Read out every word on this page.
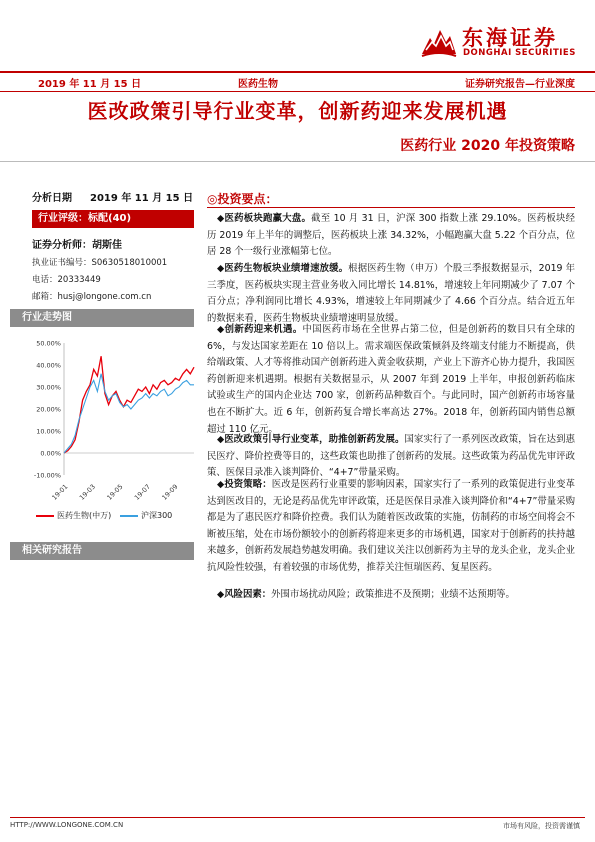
东海证券
DONGHAI SECURITIES
2019 年 11 月 15 日	医药生物	证券研究报告—行业深度
医改政策引导行业变革，创新药迎来发展机遇
医药行业 2020 年投资策略
分析日期 2019 年 11 月 15 日
行业评级：标配(40)
证券分析师：胡斯佳
执业证书编号：S0630518010001
电话：20333449
邮箱：husj@longone.com.cn
行业走势图
50.00%
40.00%
30.00%
20.00%
10.00%
0.00%
-10.00%
19-01 19-03 19-05 19-07 19-09
医药生物(中万)	沪深300
相关研究报告
◎投资要点：
◆医药板块跑赢大盘。截至 10 月 31 日，沪深 300 指数上涨 29.10%。医药板块经历 2019 年上半年的调整后，医药板块上涨 34.32%，小幅跑赢大盘 5.22 个百分点，位居 28 个一级行业涨幅第七位。
◆医药生物板块业绩增速放缓。根据医药生物（申万）个股三季报数据显示，2019 年三季度，医药板块实现主营业务收入同比增长 14.81%，增速较上年同期减少了 7.07 个百分点；净利润同比增长 4.93%，增速较上年同期减少了 4.66 个百分点。结合近五年的数据来看，医药生物板块业绩增速明显放缓。
◆创新药迎来机遇。中国医药市场在全世界占第二位，但是创新药的数目只有全球的 6%，与发达国家差距在 10 倍以上。需求端医保政策倾斜及终端支付能力不断提高，供给端政策、人才等将推动国产创新药进入黄金收获期，产业上下游齐心协力提升，我国医药创新迎来机遇期。根据有关数据显示，从 2007 年到 2019 上半年，申报创新药临床试验或生产的国内企业达 700 家，创新药品种数百个。与此同时，国产创新药市场容量也在不断扩大。近 6 年，创新药复合增长率高达 27%。2018 年，创新药国内销售总额超过 110 亿元。
◆医改政策引导行业变革，助推创新药发展。国家实行了一系列医改政策，旨在达到惠民医疗、降价控费等目的，这些政策也助推了创新药的发展。这些政策为药品优先审评政策、医保目录准入谈判降价、“4+7”带量采购。
◆投资策略：医改是医药行业重要的影响因素，国家实行了一系列的政策促进行业变革达到医改目的，无论是药品优先审评政策，还是医保目录准入谈判降价和“4+7”带量采购都是为了惠民医疗和降价控费。我们认为随着医改政策的实施，仿制药的市场空间将会不断被压缩，处在市场份额较小的创新药将迎来更多的市场机遇，国家对于创新药的扶持越来越多，创新药发展趋势越发明确。我们建议关注以创新药为主导的龙头企业，龙头企业抗风险性较强，有着较强的市场优势，推荐关注恒瑞医药、复星医药。
◆风险因素：外围市场扰动风险；政策推进不及预期；业绩不达预期等。
HTTP://WWW.LONGONE.COM.CN	市场有风险，投资需谨慎
